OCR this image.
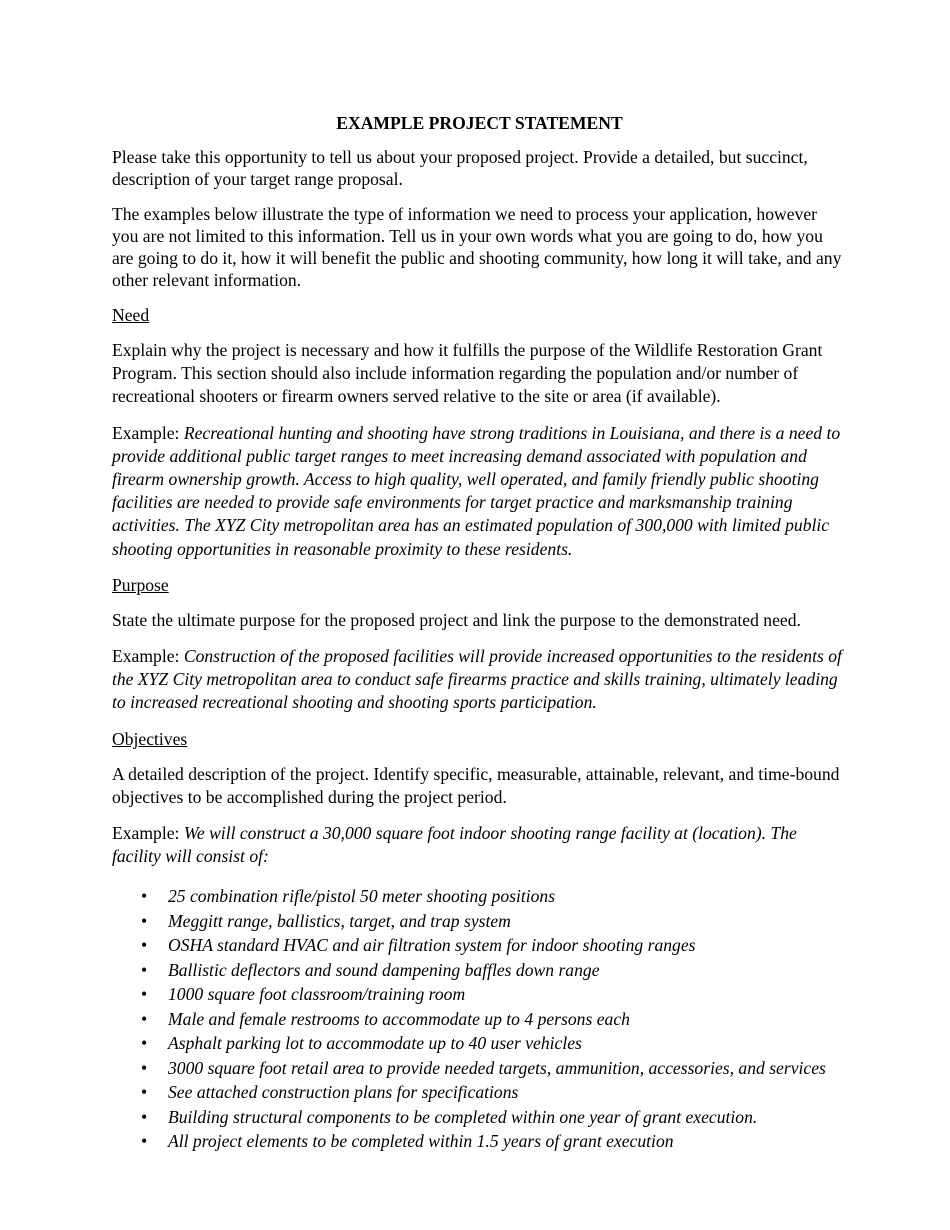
EXAMPLE PROJECT STATEMENT

Please take this opportunity to tell us about your proposed project. Provide a detailed, but succinct, description of your target range proposal.

The examples below illustrate the type of information we need to process your application, however you are not limited to this information. Tell us in your own words what you are going to do, how you are going to do it, how it will benefit the public and shooting community, how long it will take, and any other relevant information.

Need

Explain why the project is necessary and how it fulfills the purpose of the Wildlife Restoration Grant Program. This section should also include information regarding the population and/or number of recreational shooters or firearm owners served relative to the site or area (if available).

Example: Recreational hunting and shooting have strong traditions in Louisiana, and there is a need to provide additional public target ranges to meet increasing demand associated with population and firearm ownership growth. Access to high quality, well operated, and family friendly public shooting facilities are needed to provide safe environments for target practice and marksmanship training activities. The XYZ City metropolitan area has an estimated population of 300,000 with limited public shooting opportunities in reasonable proximity to these residents.

Purpose

State the ultimate purpose for the proposed project and link the purpose to the demonstrated need.

Example: Construction of the proposed facilities will provide increased opportunities to the residents of the XYZ City metropolitan area to conduct safe firearms practice and skills training, ultimately leading to increased recreational shooting and shooting sports participation.

Objectives

A detailed description of the project. Identify specific, measurable, attainable, relevant, and time-bound objectives to be accomplished during the project period.

Example: We will construct a 30,000 square foot indoor shooting range facility at (location). The facility will consist of:

• 25 combination rifle/pistol 50 meter shooting positions
• Meggitt range, ballistics, target, and trap system
• OSHA standard HVAC and air filtration system for indoor shooting ranges
• Ballistic deflectors and sound dampening baffles down range
• 1000 square foot classroom/training room
• Male and female restrooms to accommodate up to 4 persons each
• Asphalt parking lot to accommodate up to 40 user vehicles
• 3000 square foot retail area to provide needed targets, ammunition, accessories, and services
• See attached construction plans for specifications
• Building structural components to be completed within one year of grant execution.
• All project elements to be completed within 1.5 years of grant execution
